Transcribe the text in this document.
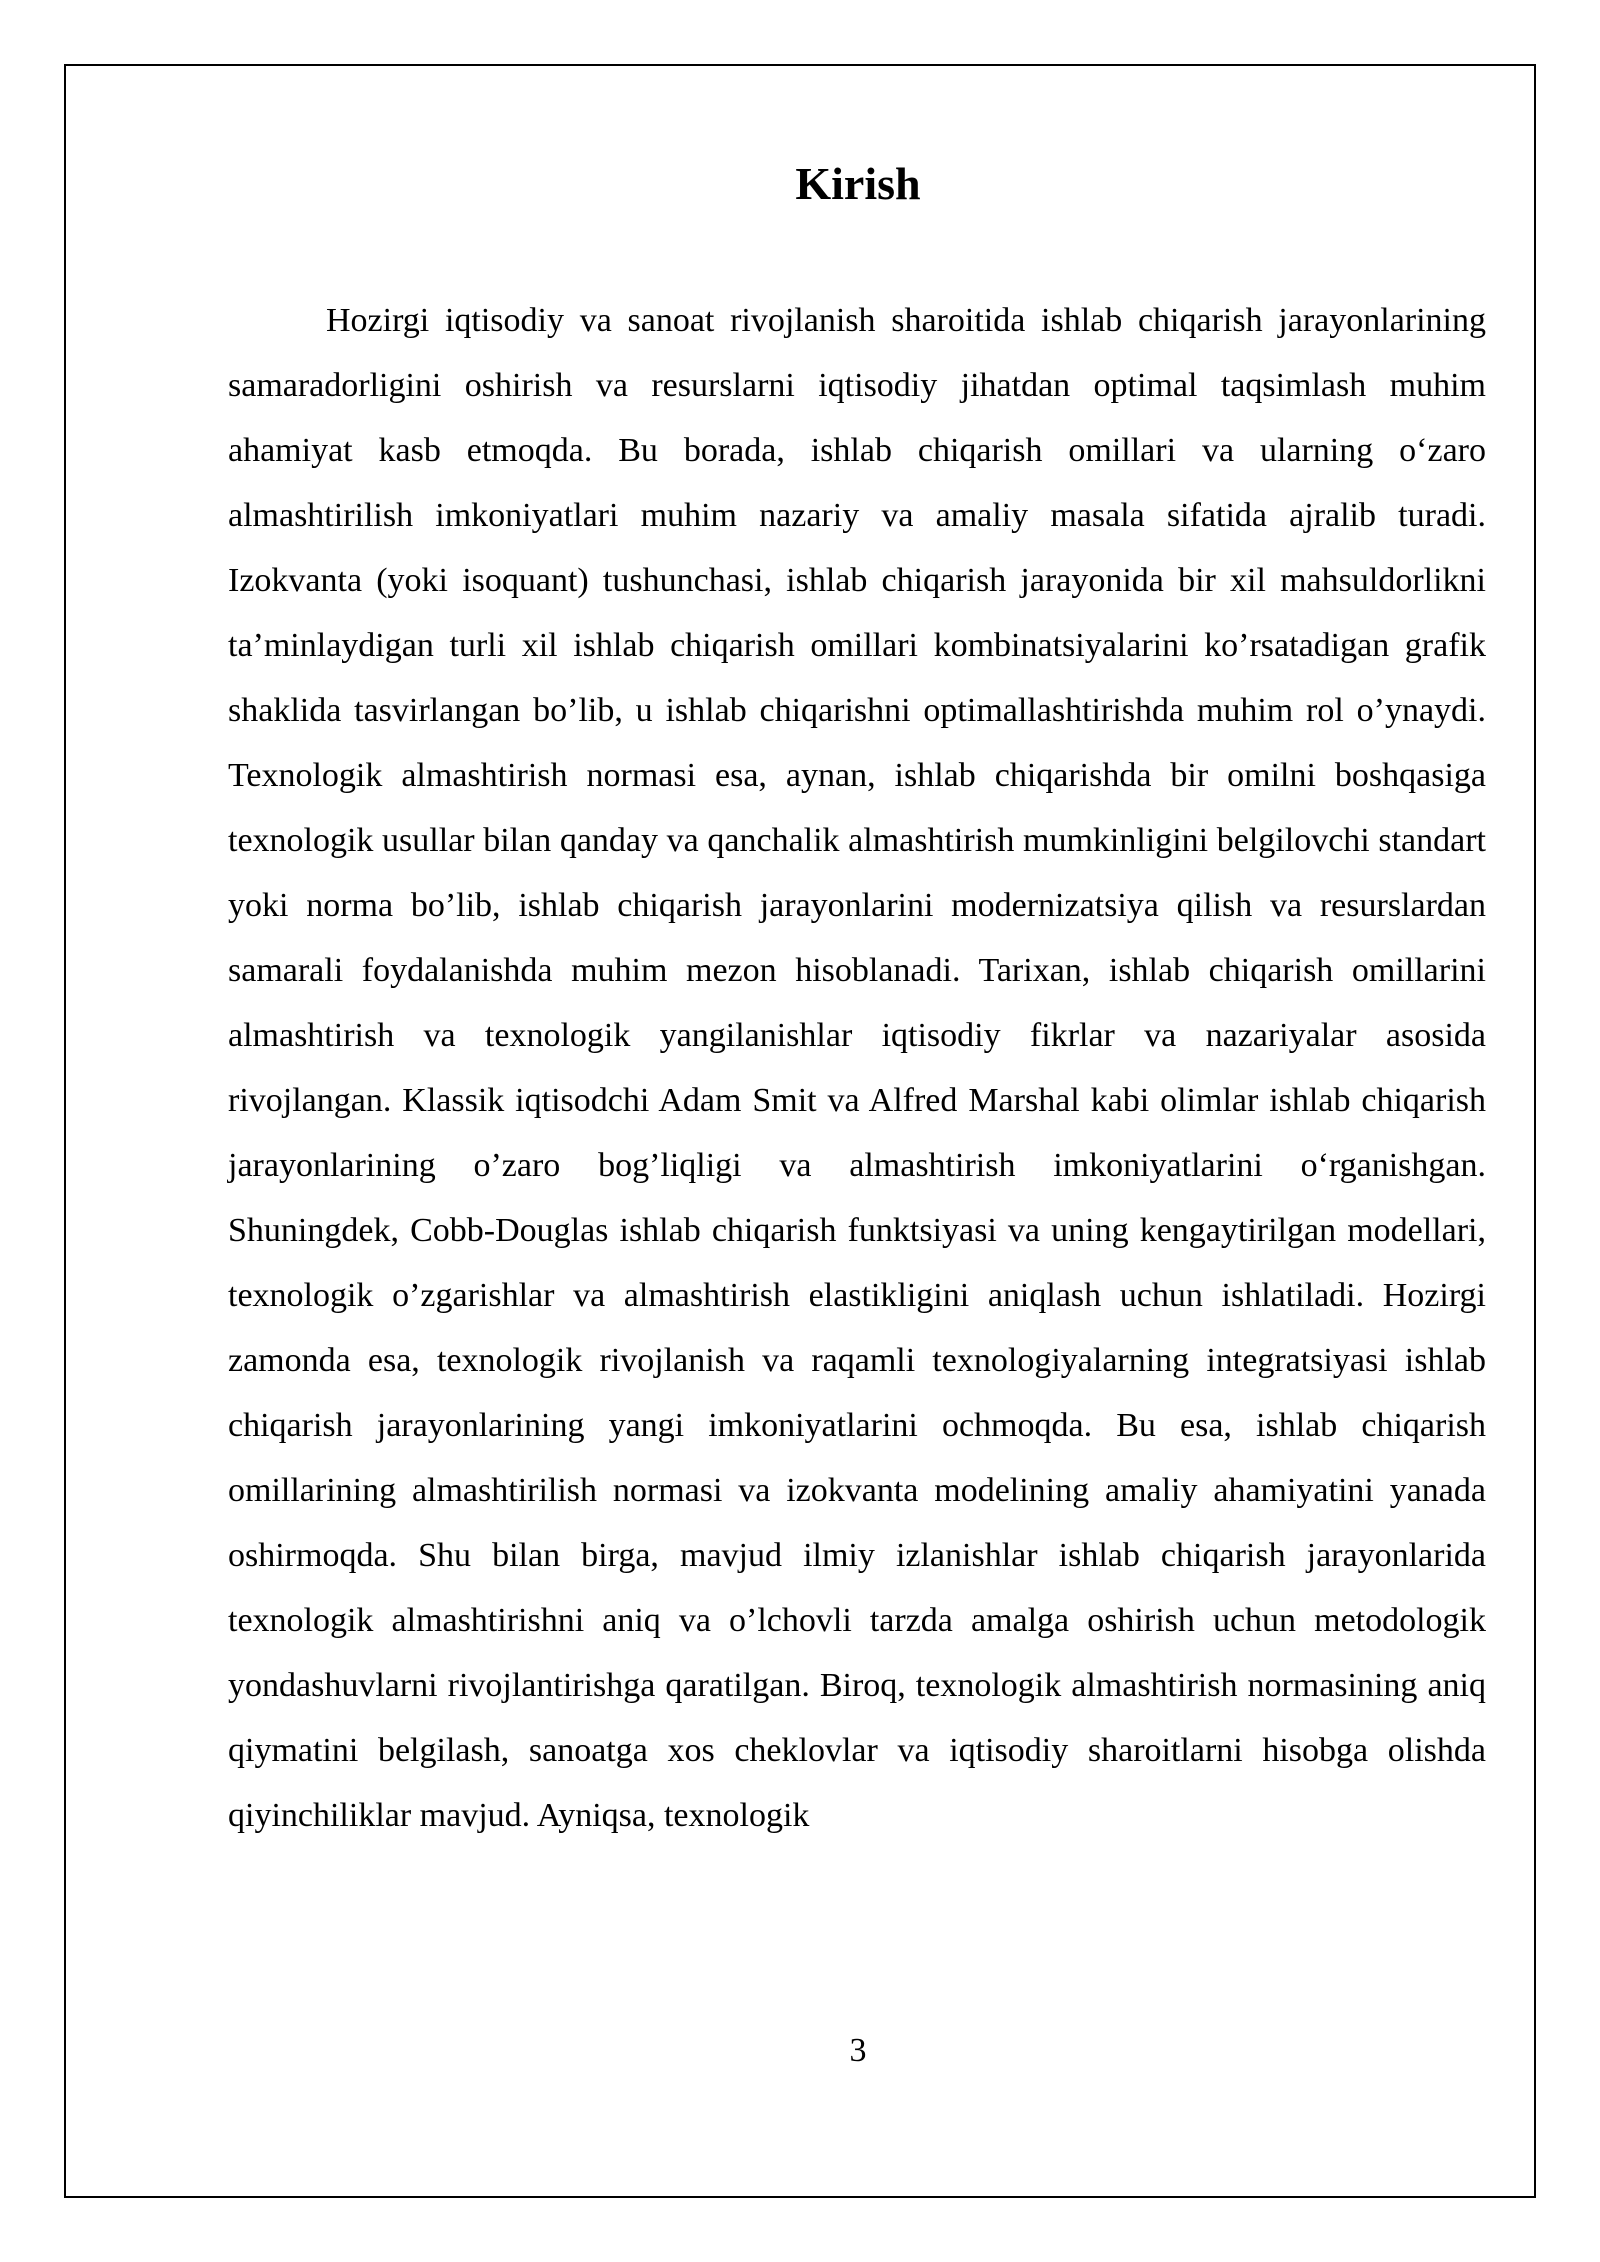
Kirish

Hozirgi iqtisodiy va sanoat rivojlanish sharoitida ishlab chiqarish jarayonlarining samaradorligini oshirish va resurslarni iqtisodiy jihatdan optimal taqsimlash muhim ahamiyat kasb etmoqda. Bu borada, ishlab chiqarish omillari va ularning o‘zaro almashtirilish imkoniyatlari muhim nazariy va amaliy masala sifatida ajralib turadi. Izokvanta (yoki isoquant) tushunchasi, ishlab chiqarish jarayonida bir xil mahsuldorlikni ta’minlaydigan turli xil ishlab chiqarish omillari kombinatsiyalarini ko’rsatadigan grafik shaklida tasvirlangan bo’lib, u ishlab chiqarishni optimallashtirishda muhim rol o’ynaydi. Texnologik almashtirish normasi esa, aynan, ishlab chiqarishda bir omilni boshqasiga texnologik usullar bilan qanday va qanchalik almashtirish mumkinligini belgilovchi standart yoki norma bo’lib, ishlab chiqarish jarayonlarini modernizatsiya qilish va resurslardan samarali foydalanishda muhim mezon hisoblanadi. Tarixan, ishlab chiqarish omillarini almashtirish va texnologik yangilanishlar iqtisodiy fikrlar va nazariyalar asosida rivojlangan. Klassik iqtisodchi Adam Smit va Alfred Marshal kabi olimlar ishlab chiqarish jarayonlarining o’zaro bog’liqligi va almashtirish imkoniyatlarini o‘rganishgan. Shuningdek, Cobb-Douglas ishlab chiqarish funktsiyasi va uning kengaytirilgan modellari, texnologik o’zgarishlar va almashtirish elastikligini aniqlash uchun ishlatiladi. Hozirgi zamonda esa, texnologik rivojlanish va raqamli texnologiyalarning integratsiyasi ishlab chiqarish jarayonlarining yangi imkoniyatlarini ochmoqda. Bu esa, ishlab chiqarish omillarining almashtirilish normasi va izokvanta modelining amaliy ahamiyatini yanada oshirmoqda. Shu bilan birga, mavjud ilmiy izlanishlar ishlab chiqarish jarayonlarida texnologik almashtirishni aniq va o’lchovli tarzda amalga oshirish uchun metodologik yondashuvlarni rivojlantirishga qaratilgan. Biroq, texnologik almashtirish normasining aniq qiymatini belgilash, sanoatga xos cheklovlar va iqtisodiy sharoitlarni hisobga olishda qiyinchiliklar mavjud. Ayniqsa, texnologik

3
